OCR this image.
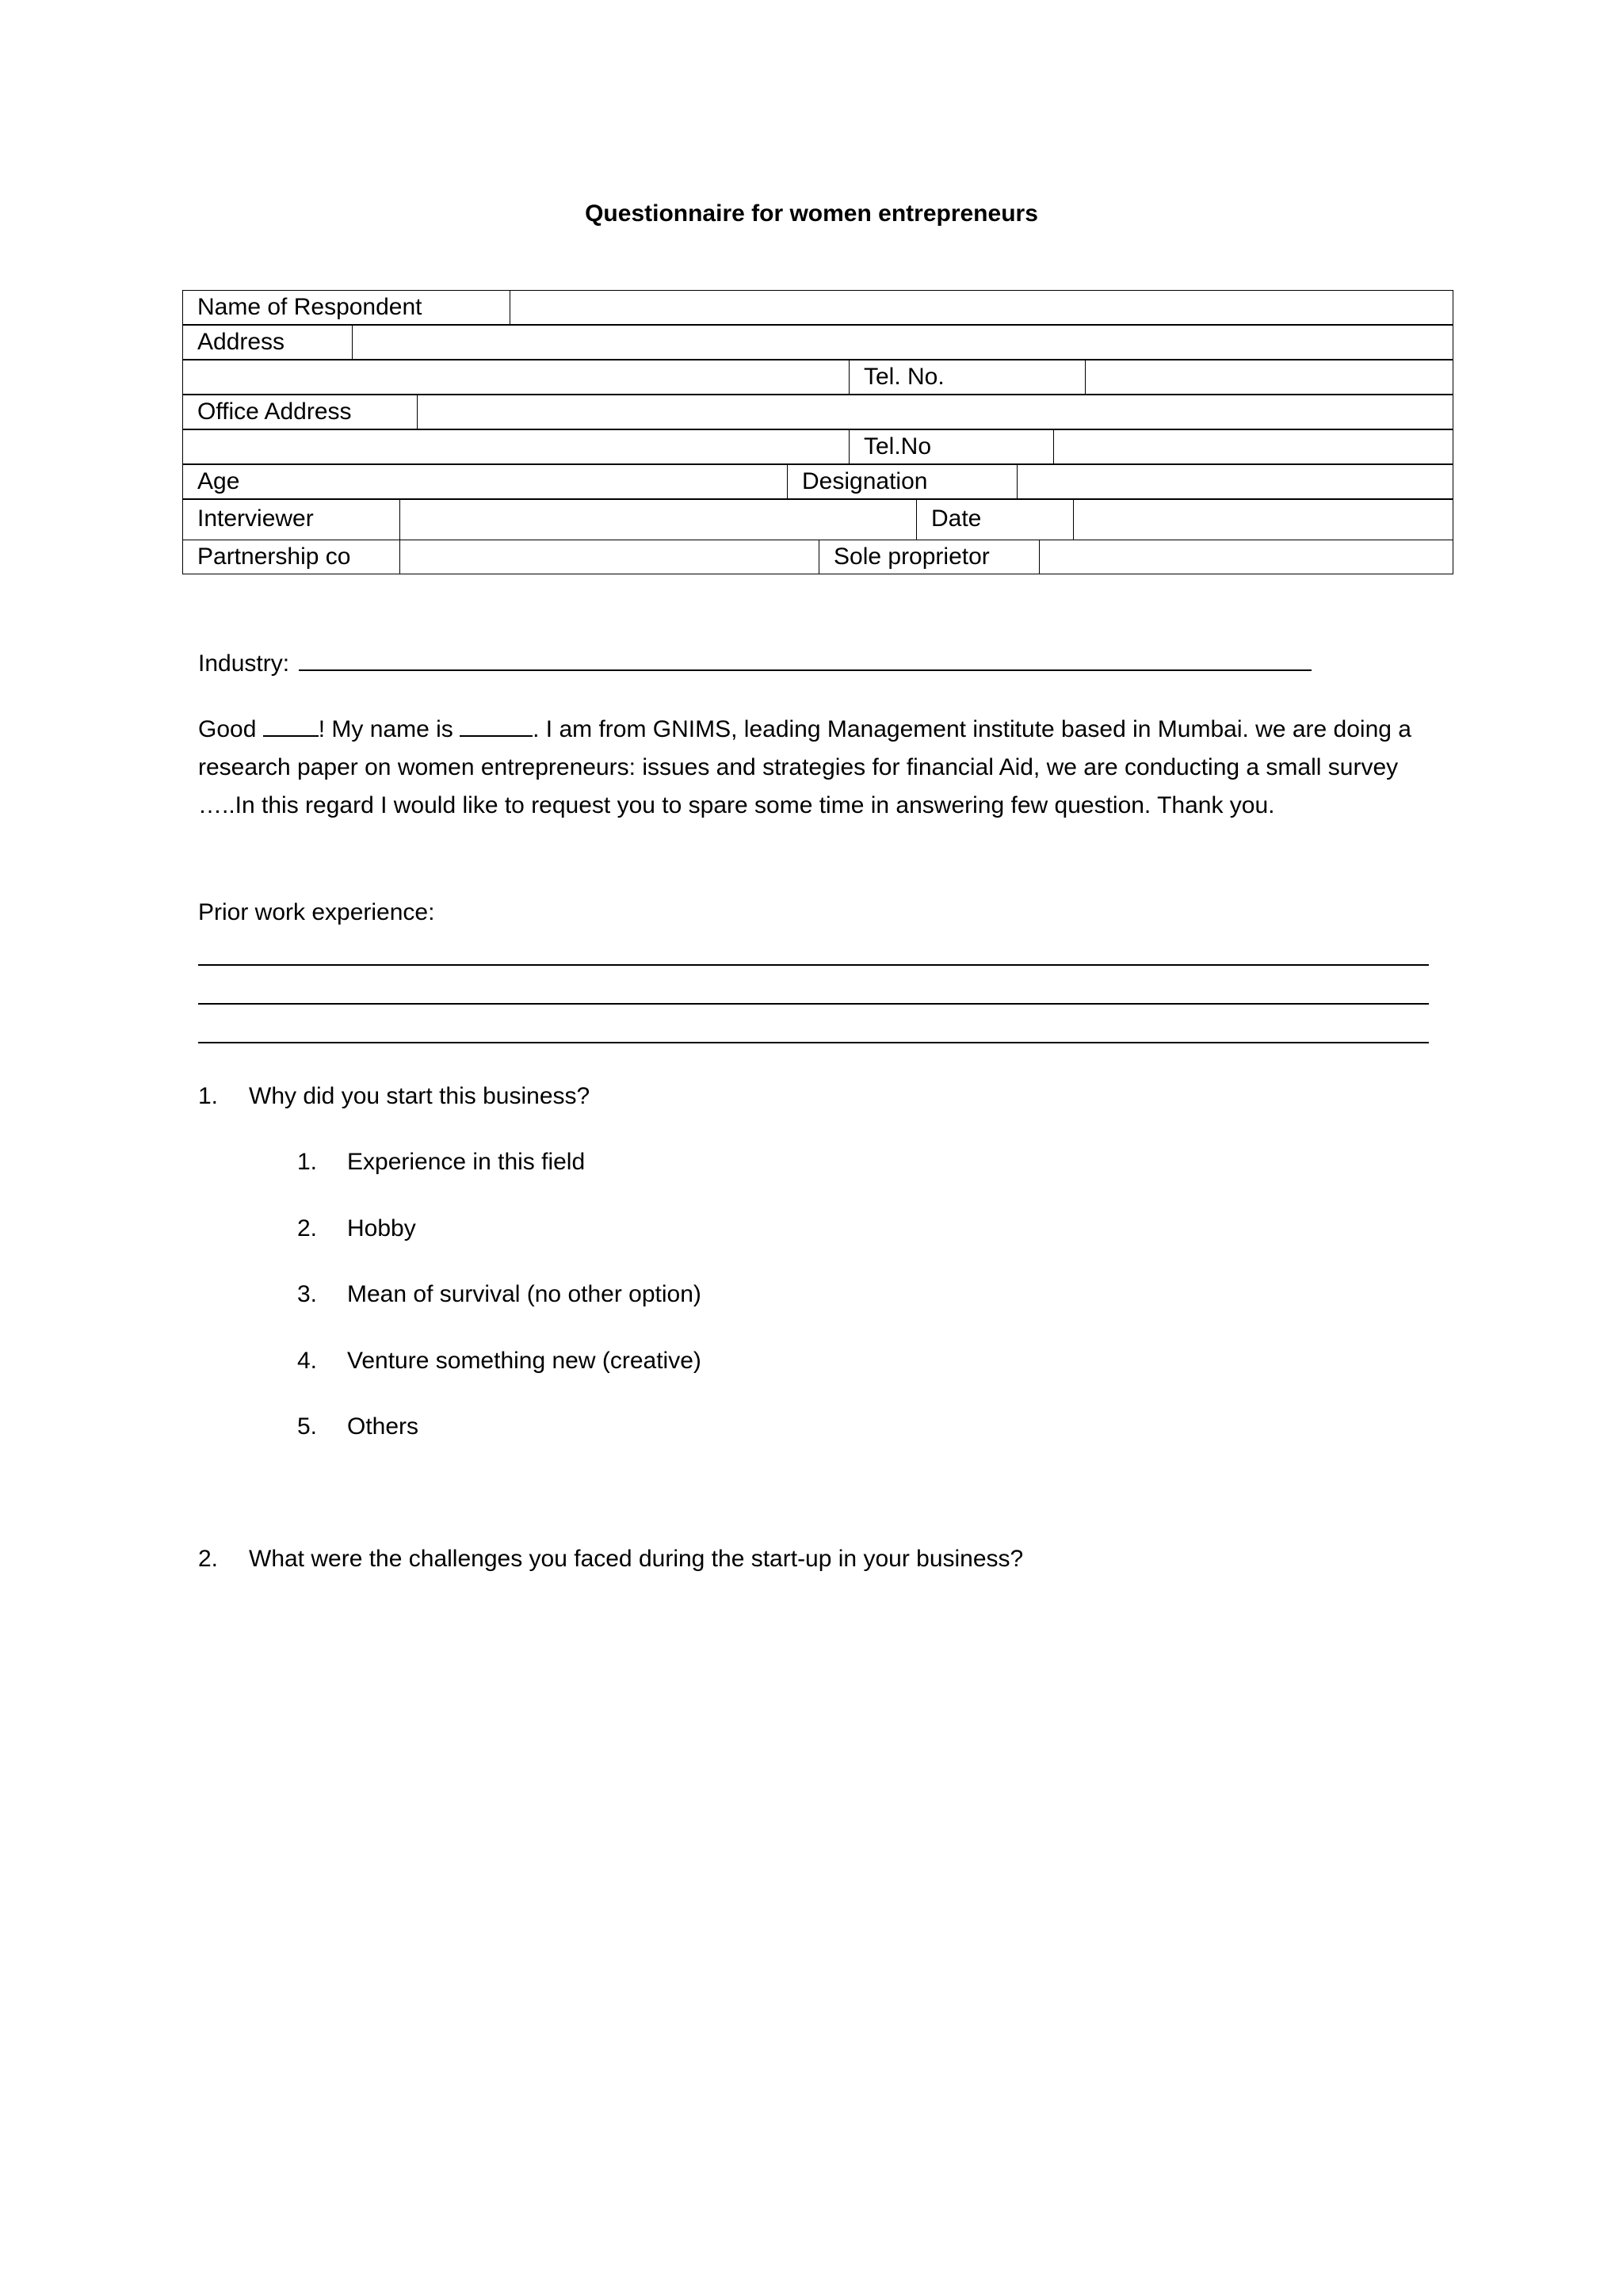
Questionnaire for women entrepreneurs
Name of Respondent
Address
Tel. No.
Office Address
Tel.No
Age	Designation
Interviewer	Date
Partnership co	Sole proprietor
Industry:
Good ! My name is	. I am from GNIMS, leading Management institute based in Mumbai. we are doing a research paper on women entrepreneurs: issues and strategies for financial Aid, we are conducting a small survey …..In this regard I would like to request you to spare some time in answering few question. Thank you.
Prior work experience:
1. Why did you start this business?
1. Experience in this field
2. Hobby
3. Mean of survival (no other option)
4. Venture something new (creative)
5. Others
2. What were the challenges you faced during the start-up in your business?
